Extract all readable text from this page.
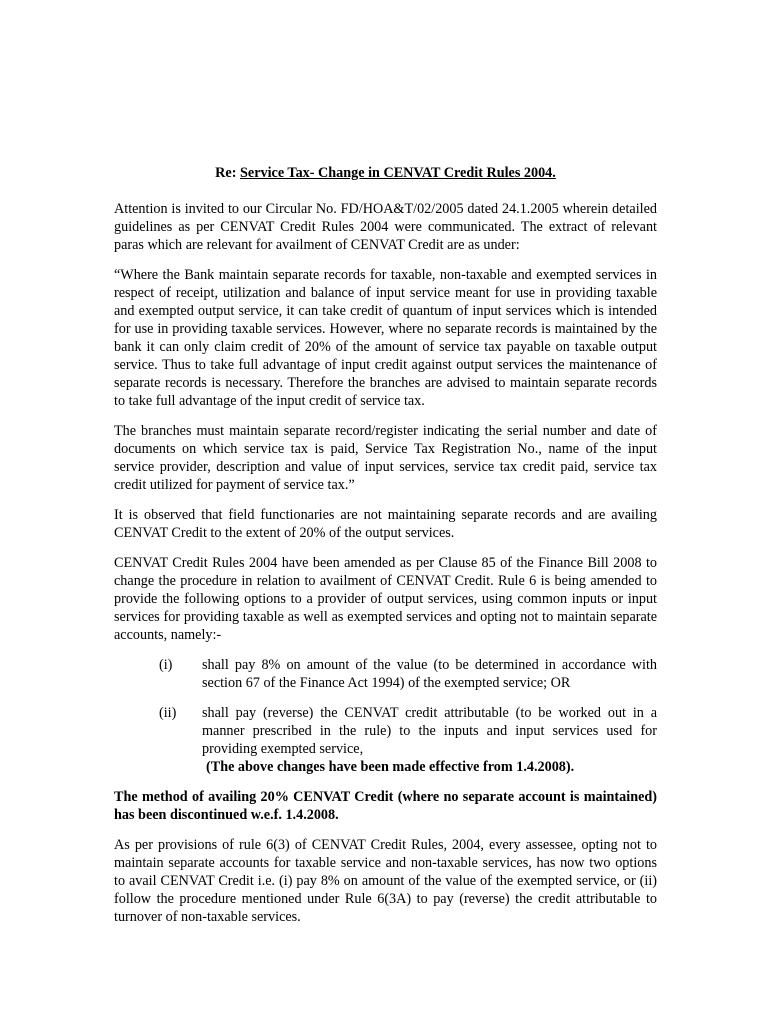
Re: Service Tax- Change in CENVAT Credit Rules 2004.

Attention is invited to our Circular No. FD/HOA&T/02/2005 dated 24.1.2005 wherein detailed guidelines as per CENVAT Credit Rules 2004 were communicated. The extract of relevant paras which are relevant for availment of CENVAT Credit are as under:

“Where the Bank maintain separate records for taxable, non-taxable and exempted services in respect of receipt, utilization and balance of input service meant for use in providing taxable and exempted output service, it can take credit of quantum of input services which is intended for use in providing taxable services. However, where no separate records is maintained by the bank it can only claim credit of 20% of the amount of service tax payable on taxable output service. Thus to take full advantage of input credit against output services the maintenance of separate records is necessary. Therefore the branches are advised to maintain separate records to take full advantage of the input credit of service tax.

The branches must maintain separate record/register indicating the serial number and date of documents on which service tax is paid, Service Tax Registration No., name of the input service provider, description and value of input services, service tax credit paid, service tax credit utilized for payment of service tax.”

It is observed that field functionaries are not maintaining separate records and are availing CENVAT Credit to the extent of 20% of the output services.

CENVAT Credit Rules 2004 have been amended as per Clause 85 of the Finance Bill 2008 to change the procedure in relation to availment of CENVAT Credit. Rule 6 is being amended to provide the following options to a provider of output services, using common inputs or input services for providing taxable as well as exempted services and opting not to maintain separate accounts, namely:-

(i)	shall pay 8% on amount of the value (to be determined in accordance with section 67 of the Finance Act 1994) of the exempted service; OR
(ii)	shall pay (reverse) the CENVAT credit attributable (to be worked out in a manner prescribed in the rule) to the inputs and input services used for providing exempted service,
(The above changes have been made effective from 1.4.2008).

The method of availing 20% CENVAT Credit (where no separate account is maintained) has been discontinued w.e.f. 1.4.2008.

As per provisions of rule 6(3) of CENVAT Credit Rules, 2004, every assessee, opting not to maintain separate accounts for taxable service and non-taxable services, has now two options to avail CENVAT Credit i.e. (i) pay 8% on amount of the value of the exempted service, or (ii) follow the procedure mentioned under Rule 6(3A) to pay (reverse) the credit attributable to turnover of non-taxable services.
